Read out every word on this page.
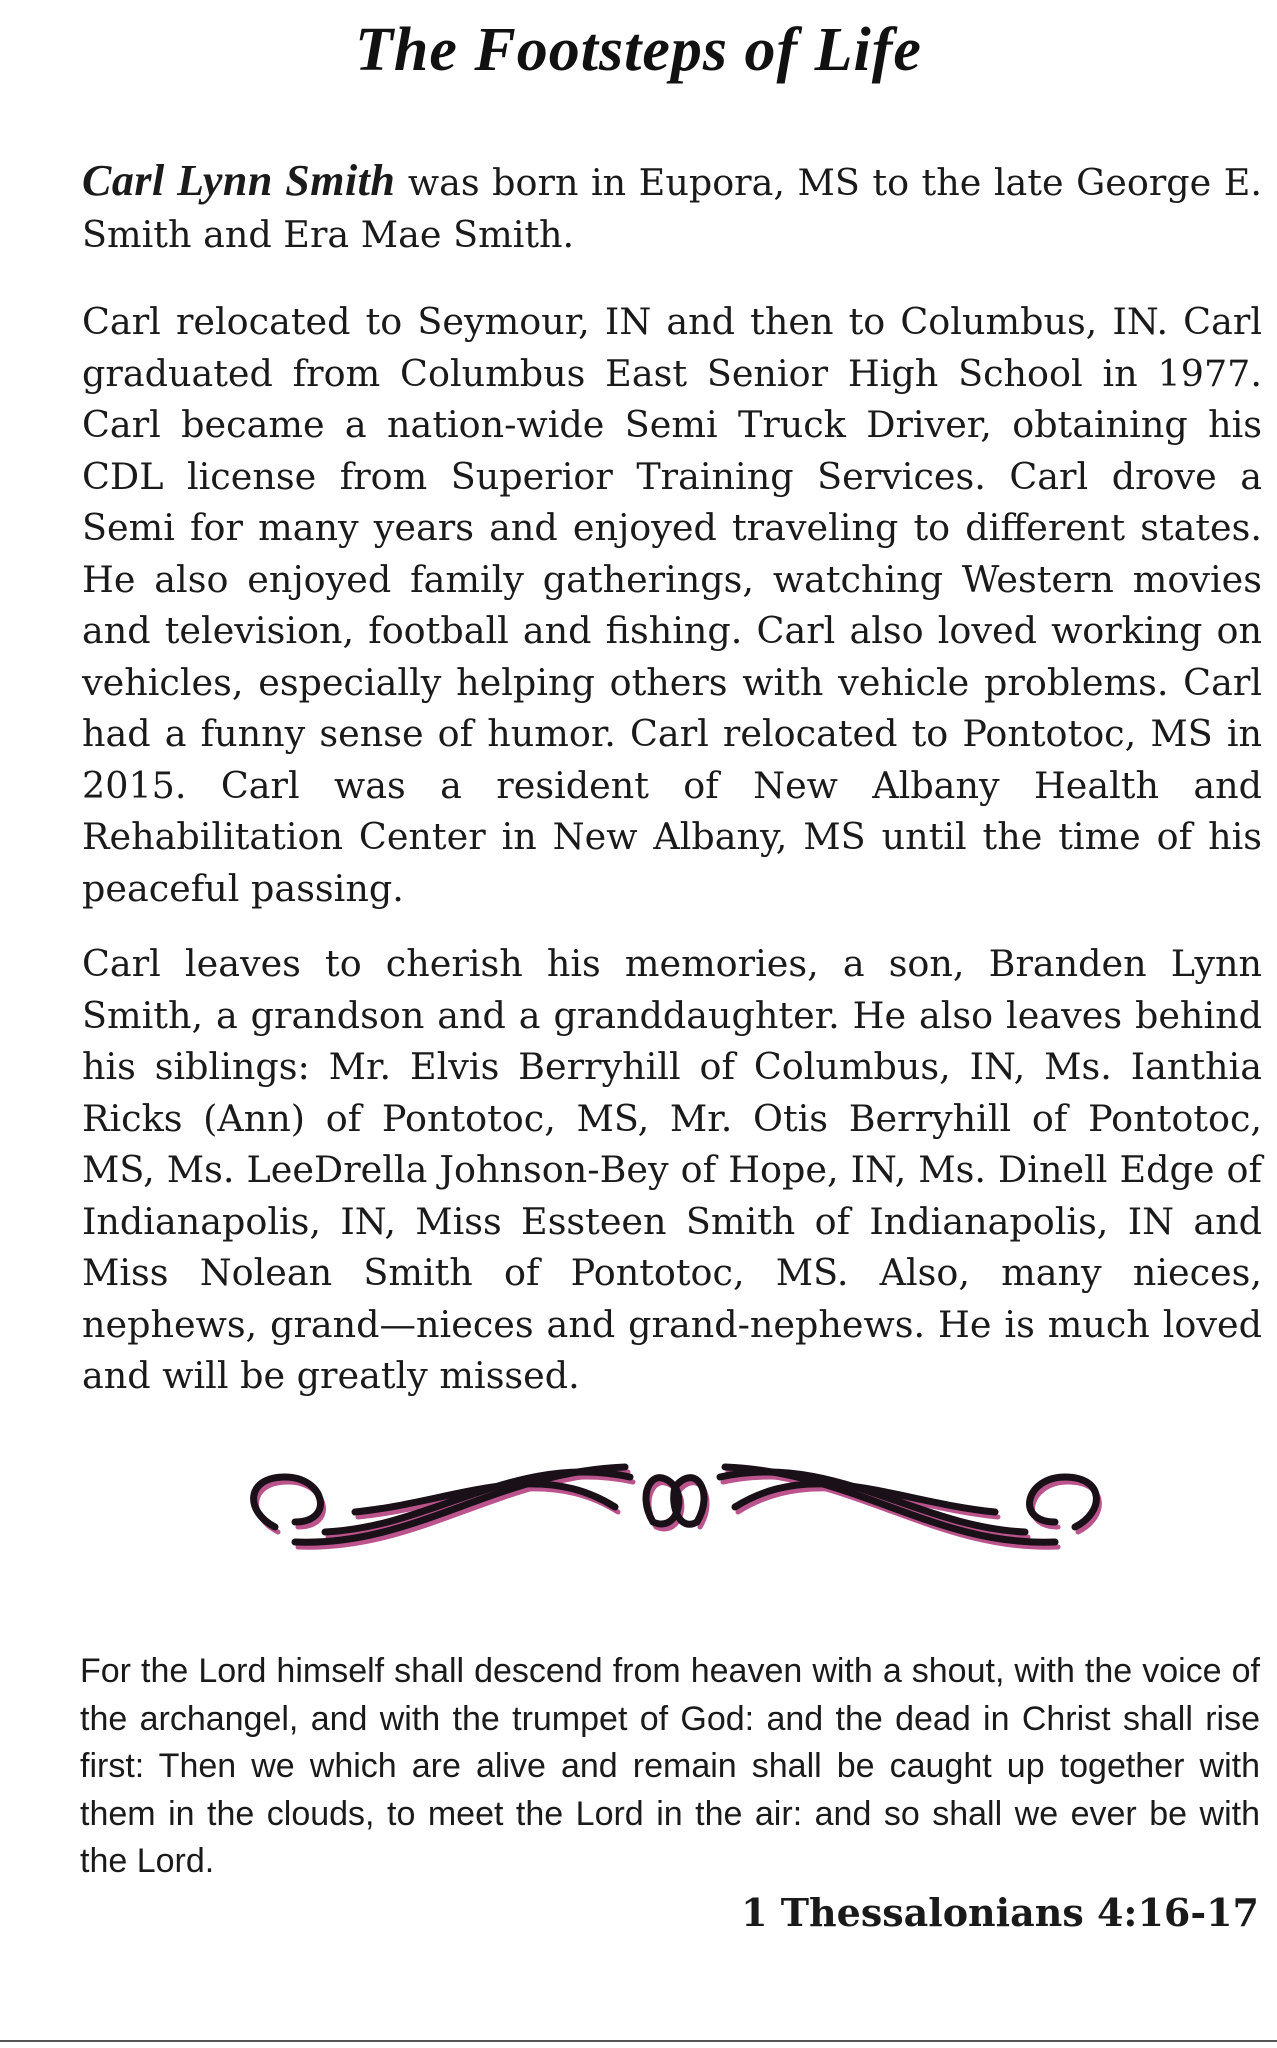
The Footsteps of Life

Carl Lynn Smith was born in Eupora, MS to the late George E. Smith and Era Mae Smith.

Carl relocated to Seymour, IN and then to Columbus, IN. Carl graduated from Columbus East Senior High School in 1977. Carl became a nation-wide Semi Truck Driver, obtaining his CDL license from Superior Training Services. Carl drove a Semi for many years and enjoyed traveling to different states. He also enjoyed family gatherings, watching Western movies and television, football and fishing. Carl also loved working on vehicles, especially helping others with vehicle problems. Carl had a funny sense of humor. Carl relocated to Pontotoc, MS in 2015. Carl was a resident of New Albany Health and Rehabilitation Center in New Albany, MS until the time of his peaceful passing.

Carl leaves to cherish his memories, a son, Branden Lynn Smith, a grandson and a granddaughter. He also leaves behind his siblings: Mr. Elvis Berryhill of Columbus, IN, Ms. Ianthia Ricks (Ann) of Pontotoc, MS, Mr. Otis Berryhill of Pontotoc, MS, Ms. LeeDrella Johnson-Bey of Hope, IN, Ms. Dinell Edge of Indianapolis, IN, Miss Essteen Smith of Indianapolis, IN and Miss Nolean Smith of Pontotoc, MS. Also, many nieces, nephews, grand—nieces and grand-nephews. He is much loved and will be greatly missed.

For the Lord himself shall descend from heaven with a shout, with the voice of the archangel, and with the trumpet of God: and the dead in Christ shall rise first: Then we which are alive and remain shall be caught up together with them in the clouds, to meet the Lord in the air: and so shall we ever be with the Lord.

1 Thessalonians 4:16-17
